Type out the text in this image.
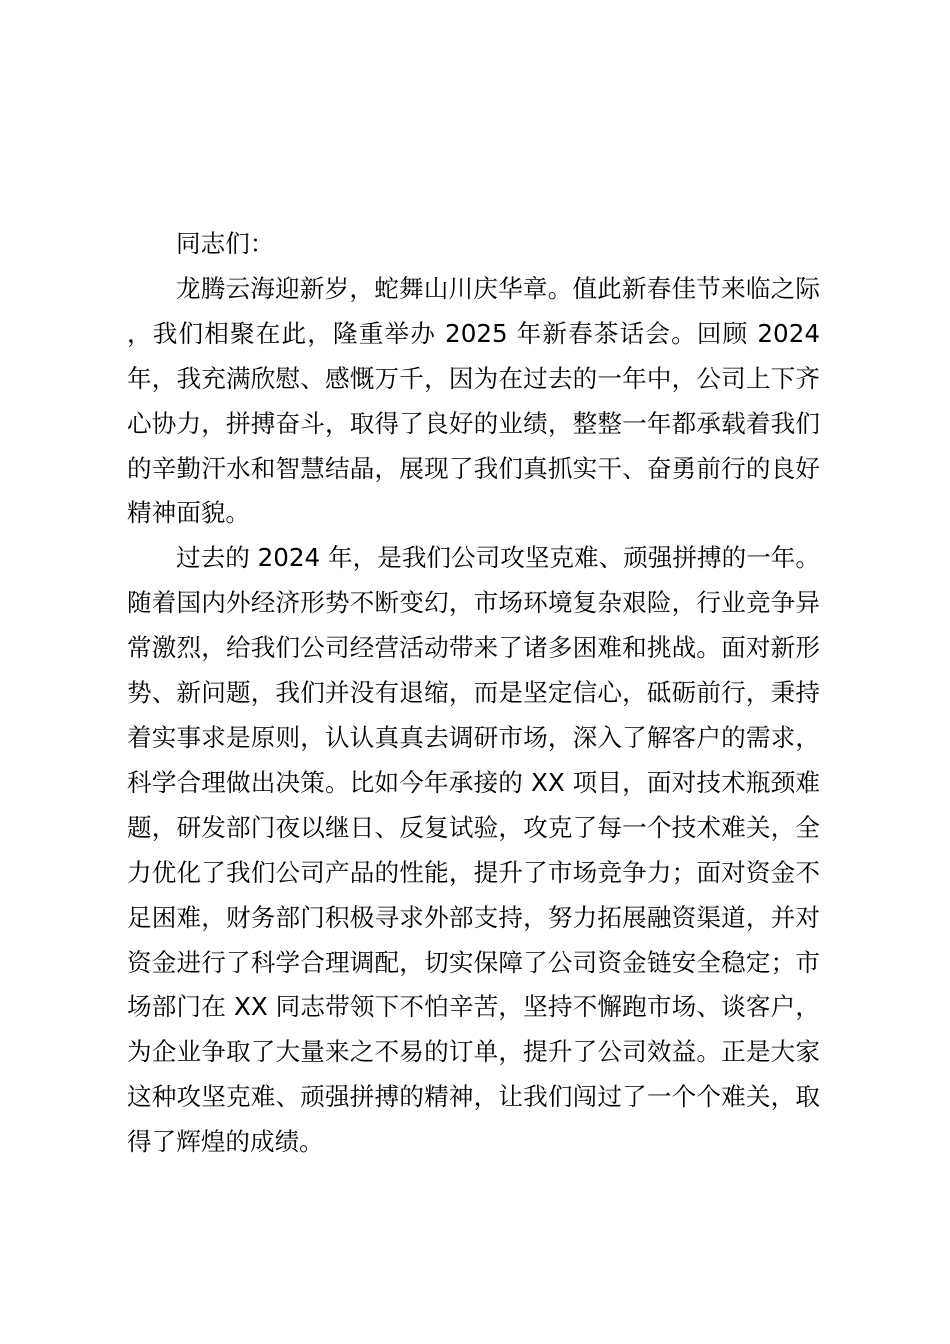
同志们：

龙腾云海迎新岁，蛇舞山川庆华章。值此新春佳节来临之际，我们相聚在此，隆重举办 2025 年新春茶话会。回顾 2024 年，我充满欣慰、感慨万千，因为在过去的一年中，公司上下齐心协力，拼搏奋斗，取得了良好的业绩，整整一年都承载着我们的辛勤汗水和智慧结晶，展现了我们真抓实干、奋勇前行的良好精神面貌。

过去的 2024 年，是我们公司攻坚克难、顽强拼搏的一年。随着国内外经济形势不断变幻，市场环境复杂艰险，行业竞争异常激烈，给我们公司经营活动带来了诸多困难和挑战。面对新形势、新问题，我们并没有退缩，而是坚定信心，砥砺前行，秉持着实事求是原则，认认真真去调研市场，深入了解客户的需求，科学合理做出决策。比如今年承接的 XX 项目，面对技术瓶颈难题，研发部门夜以继日、反复试验，攻克了每一个技术难关，全力优化了我们公司产品的性能，提升了市场竞争力；面对资金不足困难，财务部门积极寻求外部支持，努力拓展融资渠道，并对资金进行了科学合理调配，切实保障了公司资金链安全稳定；市场部门在 XX 同志带领下不怕辛苦，坚持不懈跑市场、谈客户，为企业争取了大量来之不易的订单，提升了公司效益。正是大家这种攻坚克难、顽强拼搏的精神，让我们闯过了一个个难关，取得了辉煌的成绩。
